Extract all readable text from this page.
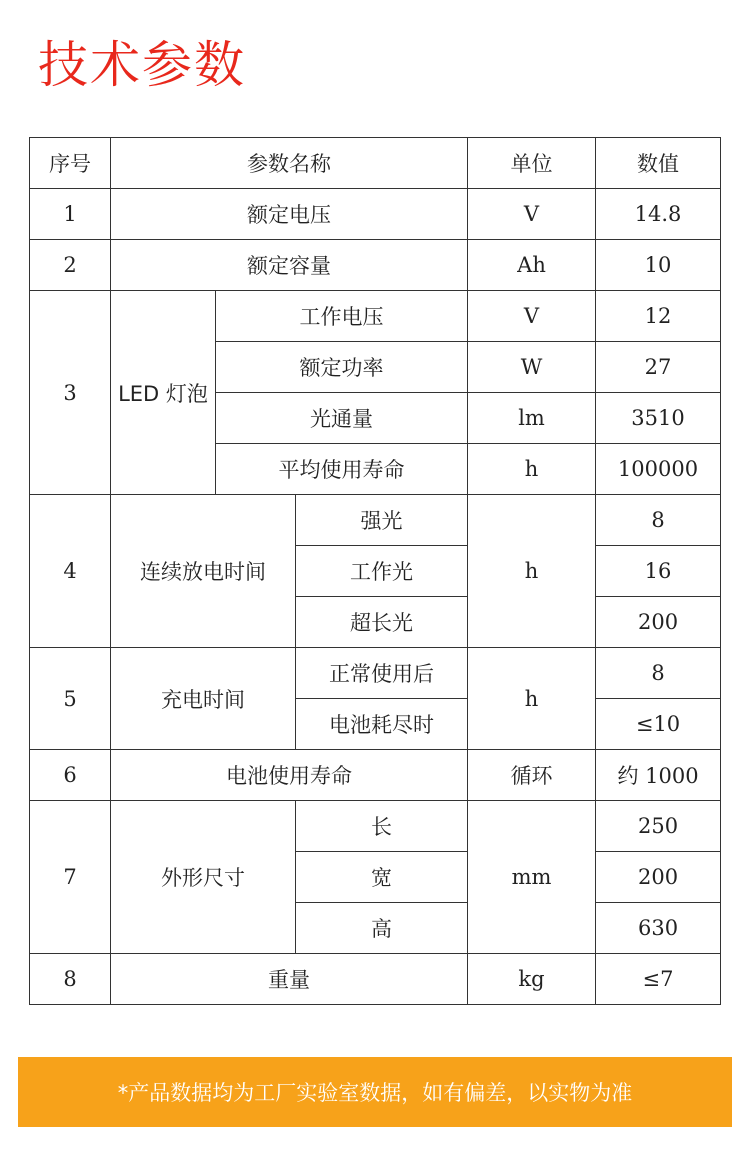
技术参数
序号	参数名称			单位	数值
1	额定电压			V	14.8
2	额定容量			Ah	10
3	LED 灯泡	工作电压		V	12
		额定功率		W	27
		光通量		lm	3510
		平均使用寿命		h	100000
4	连续放电时间		强光	h	8
			工作光		16
			超长光		200
5	充电时间		正常使用后	h	8
			电池耗尽时		≤10
6	电池使用寿命			循环	约 1000
7	外形尺寸		长	mm	250
			宽		200
			高		630
8	重量			kg	≤7
*产品数据均为工厂实验室数据，如有偏差，以实物为准
